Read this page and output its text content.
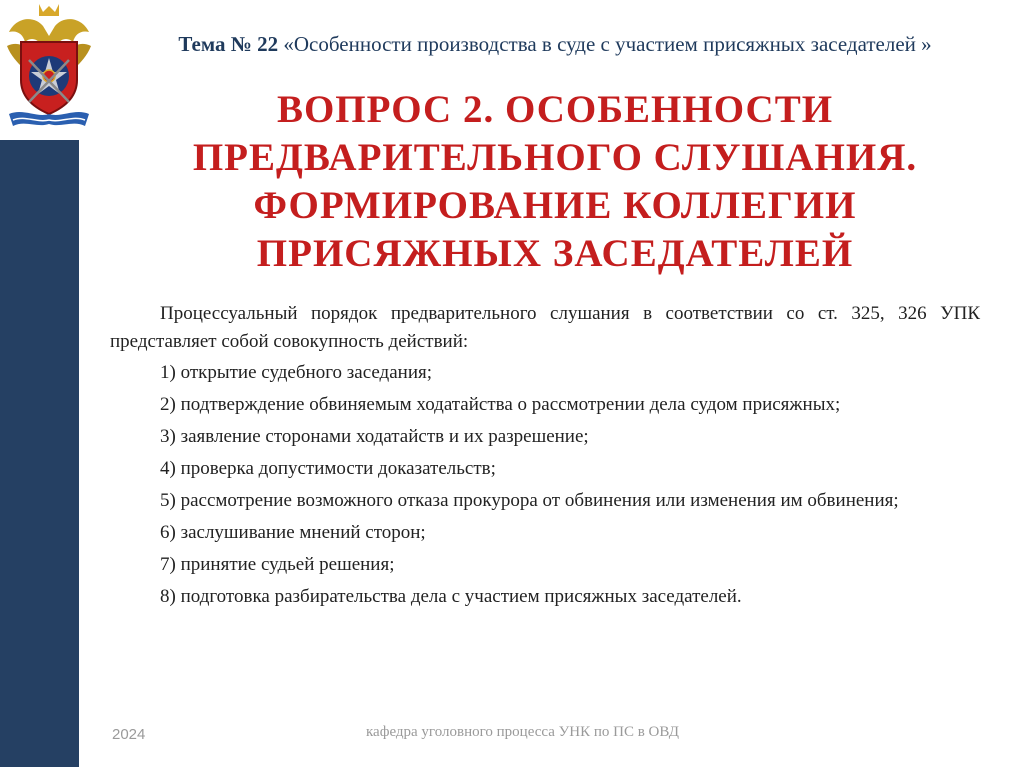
Тема № 22 «Особенности производства в суде с участием присяжных заседателей »
ВОПРОС 2. ОСОБЕННОСТИ
ПРЕДВАРИТЕЛЬНОГО СЛУШАНИЯ.
ФОРМИРОВАНИЕ КОЛЛЕГИИ
ПРИСЯЖНЫХ ЗАСЕДАТЕЛЕЙ

Процессуальный порядок предварительного слушания в соответствии со ст. 325, 326 УПК представляет собой совокупность действий:

1) открытие судебного заседания;
2) подтверждение обвиняемым ходатайства о рассмотрении дела судом присяжных;
3) заявление сторонами ходатайств и их разрешение;
4) проверка допустимости доказательств;
5) рассмотрение возможного отказа прокурора от обвинения или изменения им обвинения;
6) заслушивание мнений сторон;
7) принятие судьей решения;
8) подготовка разбирательства дела с участием присяжных заседателей.
2024	кафедра уголовного процесса УНК по ПС в ОВД
